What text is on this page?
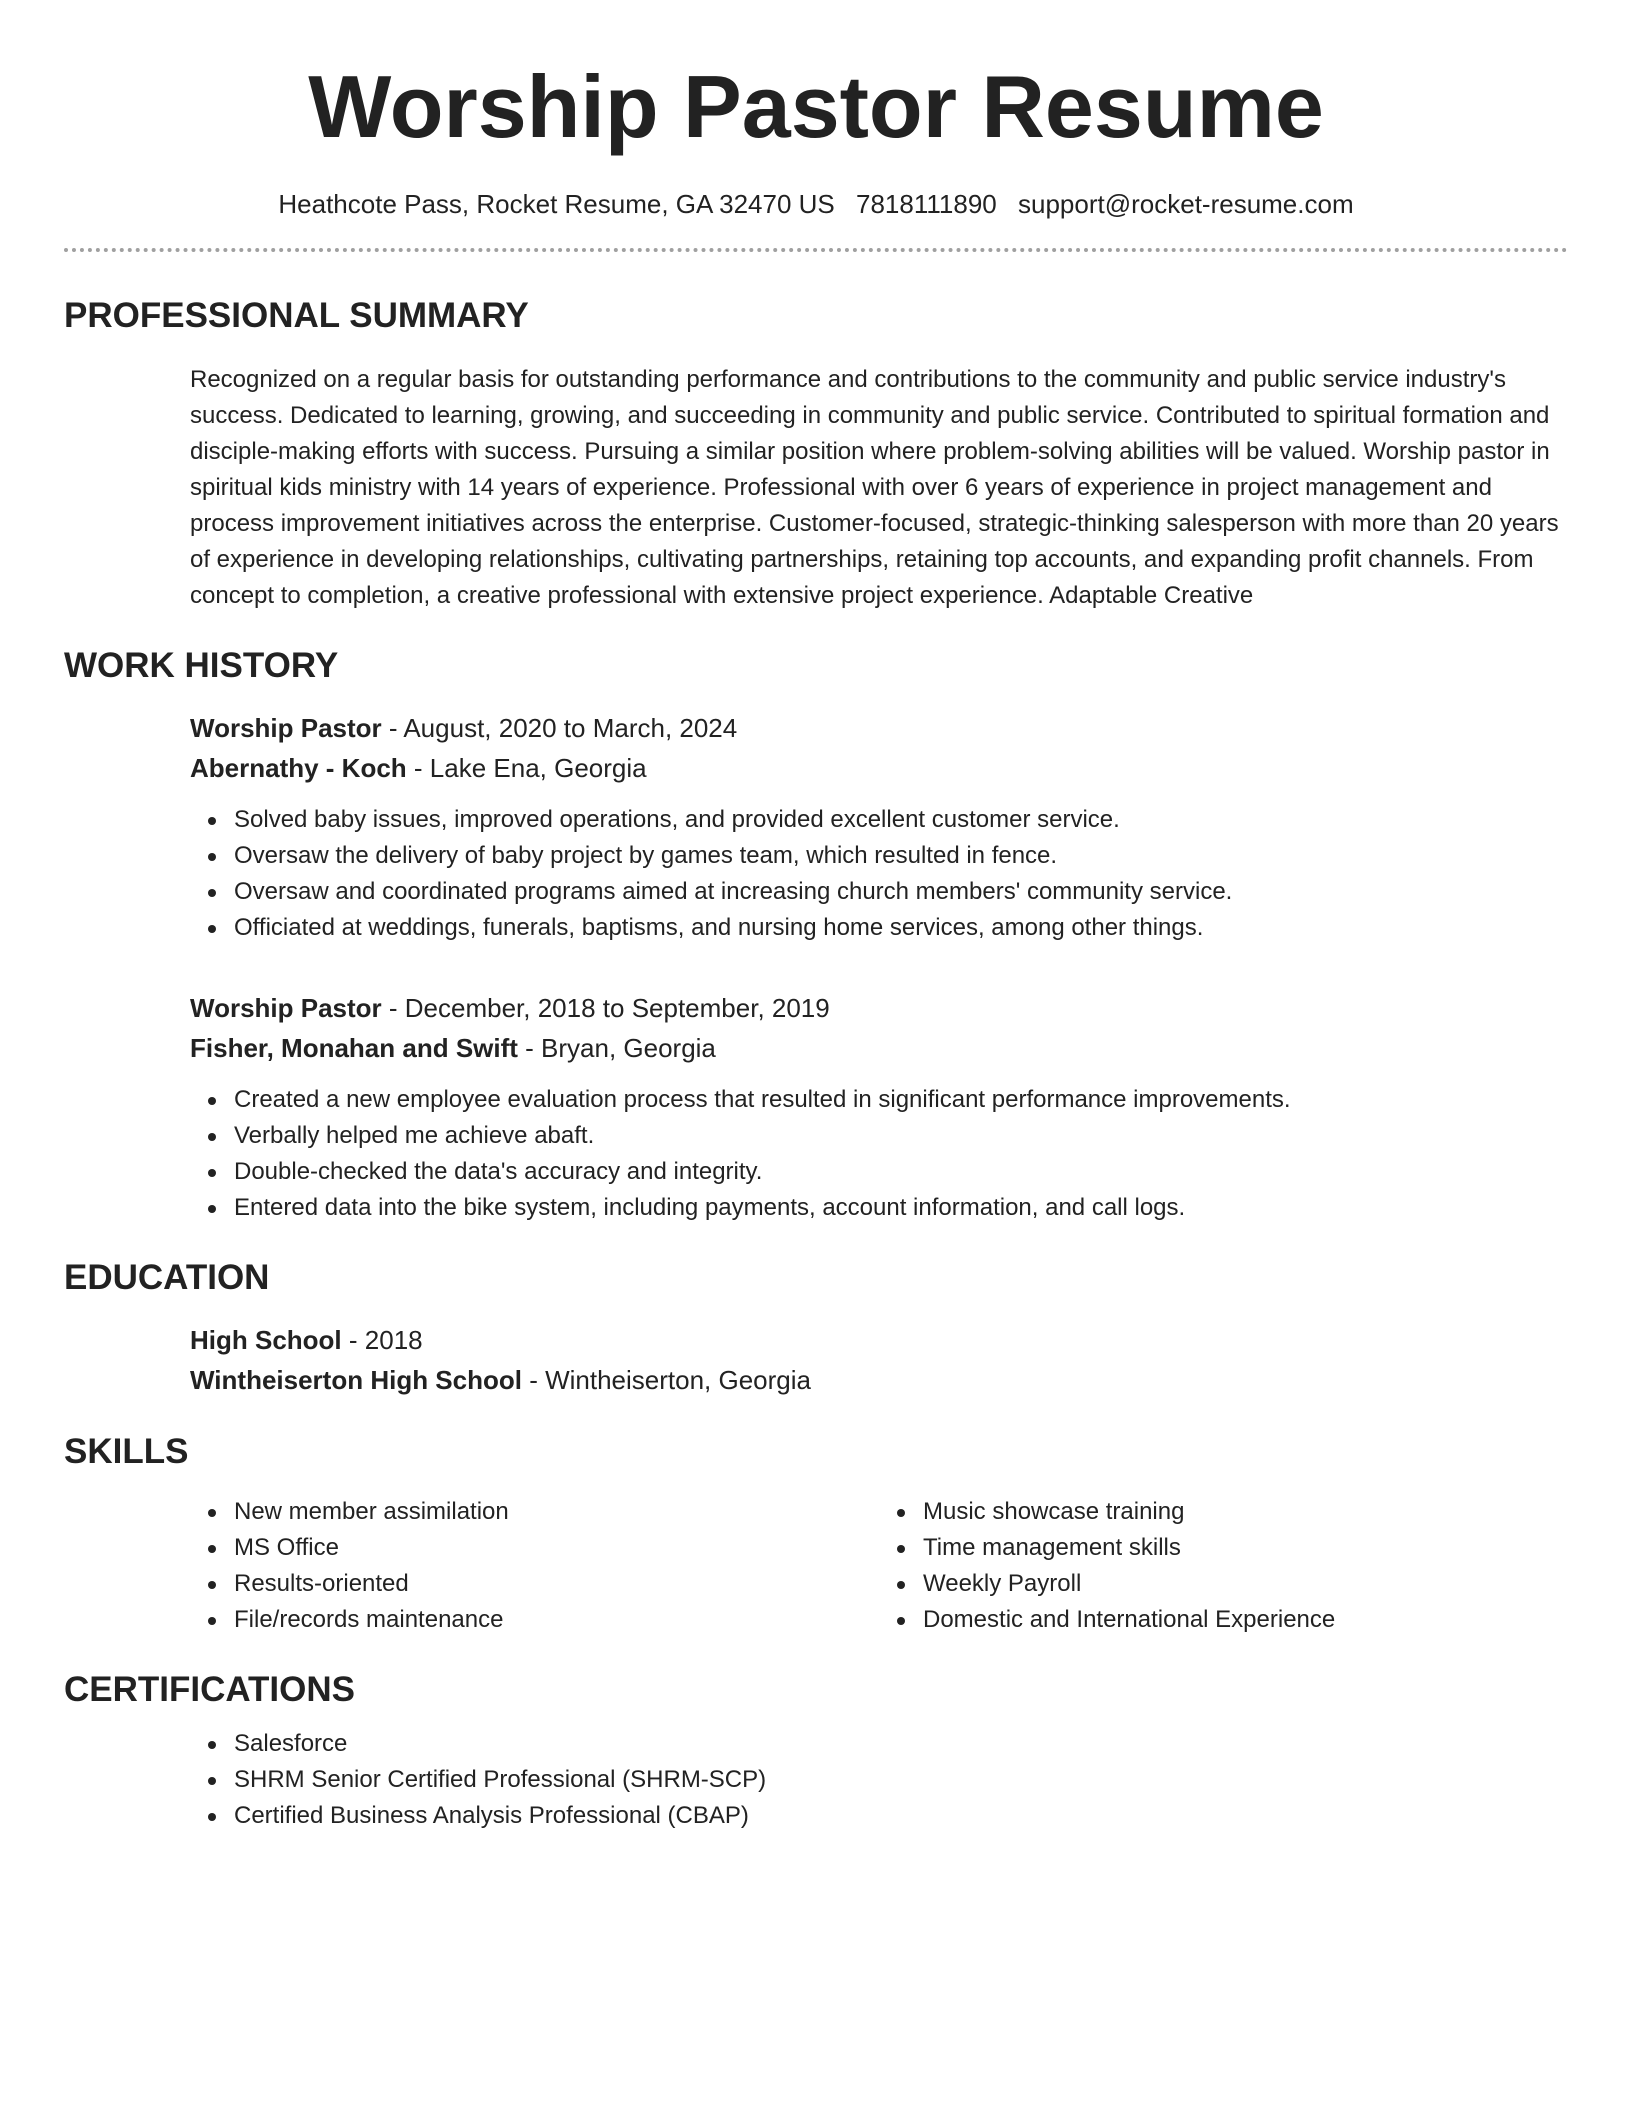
Worship Pastor Resume
Heathcote Pass, Rocket Resume, GA 32470 US 7818111890 support@rocket-resume.com
PROFESSIONAL SUMMARY
Recognized on a regular basis for outstanding performance and contributions to the community and public service industry's success. Dedicated to learning, growing, and succeeding in community and public service. Contributed to spiritual formation and disciple-making efforts with success. Pursuing a similar position where problem-solving abilities will be valued. Worship pastor in spiritual kids ministry with 14 years of experience. Professional with over 6 years of experience in project management and process improvement initiatives across the enterprise. Customer-focused, strategic-thinking salesperson with more than 20 years of experience in developing relationships, cultivating partnerships, retaining top accounts, and expanding profit channels. From concept to completion, a creative professional with extensive project experience. Adaptable Creative
WORK HISTORY
Worship Pastor - August, 2020 to March, 2024
Abernathy - Koch - Lake Ena, Georgia
Solved baby issues, improved operations, and provided excellent customer service.
Oversaw the delivery of baby project by games team, which resulted in fence.
Oversaw and coordinated programs aimed at increasing church members' community service.
Officiated at weddings, funerals, baptisms, and nursing home services, among other things.
Worship Pastor - December, 2018 to September, 2019
Fisher, Monahan and Swift - Bryan, Georgia
Created a new employee evaluation process that resulted in significant performance improvements.
Verbally helped me achieve abaft.
Double-checked the data's accuracy and integrity.
Entered data into the bike system, including payments, account information, and call logs.
EDUCATION
High School - 2018
Wintheiserton High School - Wintheiserton, Georgia
SKILLS
New member assimilation
MS Office
Results-oriented
File/records maintenance
Music showcase training
Time management skills
Weekly Payroll
Domestic and International Experience
CERTIFICATIONS
Salesforce
SHRM Senior Certified Professional (SHRM-SCP)
Certified Business Analysis Professional (CBAP)
